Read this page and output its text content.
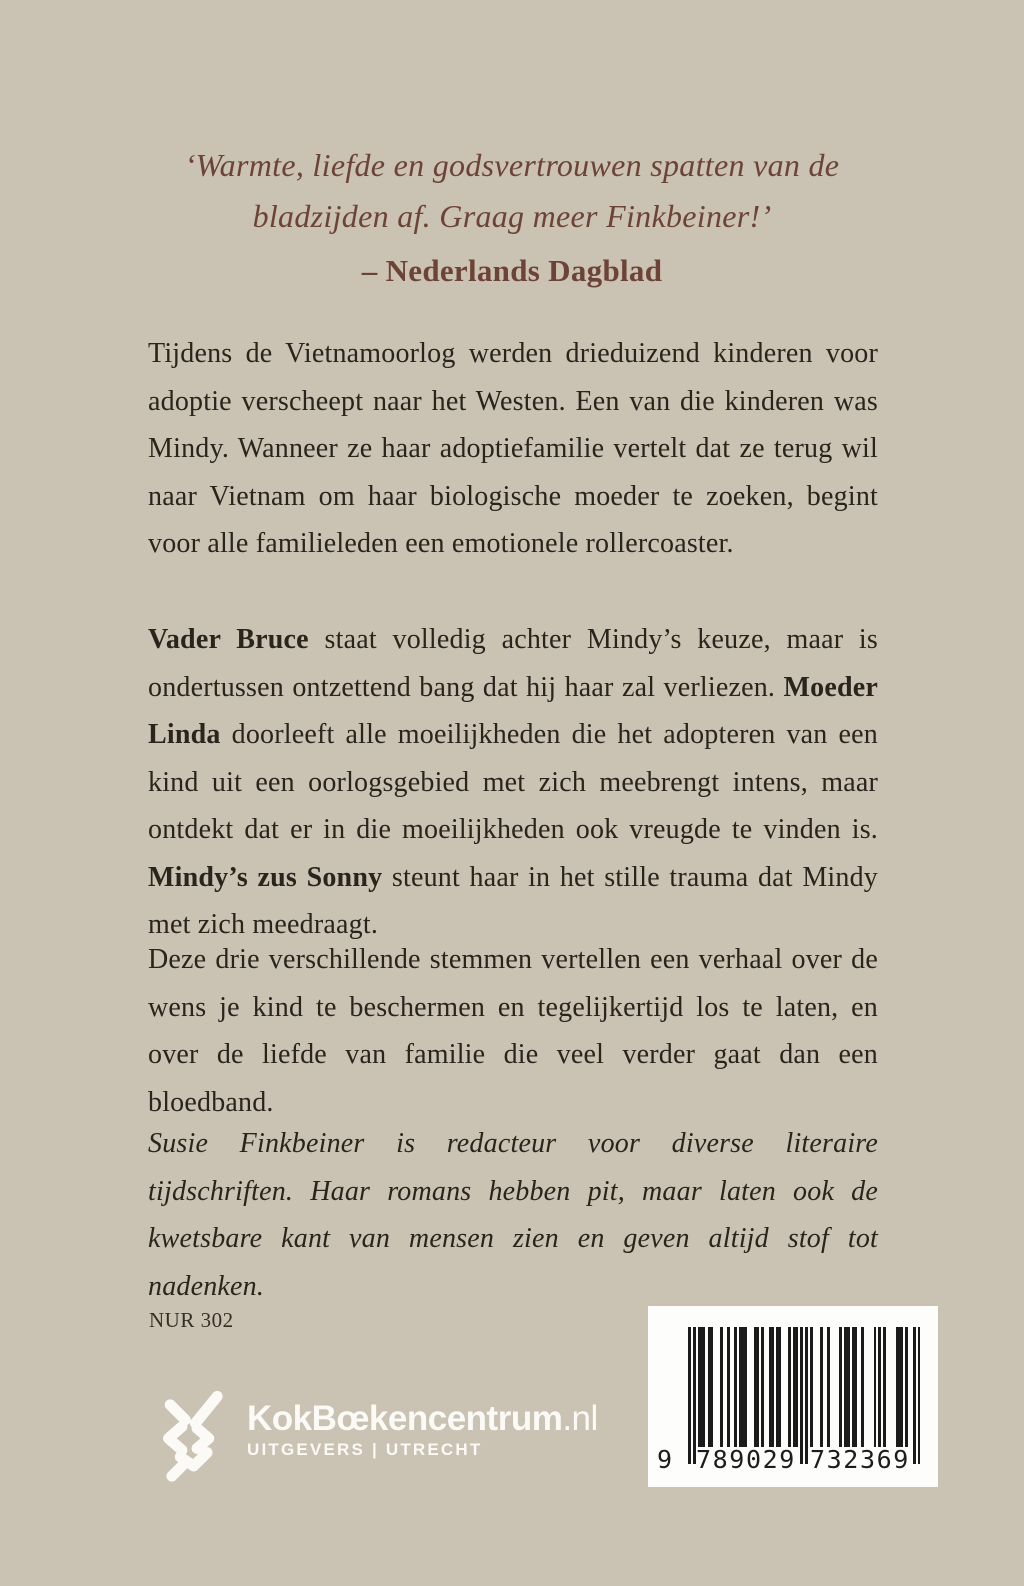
‘Warmte, liefde en godsvertrouwen spatten van de
bladzijden af. Graag meer Finkbeiner!’
– Nederlands Dagblad
Tijdens de Vietnamoorlog werden drieduizend kinderen voor adoptie verscheept naar het Westen. Een van die kinderen was Mindy. Wanneer ze haar adoptiefamilie vertelt dat ze terug wil naar Vietnam om haar biologische moeder te zoeken, begint voor alle familieleden een emotionele rollercoaster.
Vader Bruce staat volledig achter Mindy’s keuze, maar is ondertussen ontzettend bang dat hij haar zal verliezen. Moeder Linda doorleeft alle moeilijkheden die het adopteren van een kind uit een oorlogsgebied met zich meebrengt intens, maar ontdekt dat er in die moeilijkheden ook vreugde te vinden is. Mindy’s zus Sonny steunt haar in het stille trauma dat Mindy met zich meedraagt.
Deze drie verschillende stemmen vertellen een verhaal over de wens je kind te beschermen en tegelijkertijd los te laten, en over de liefde van familie die veel verder gaat dan een bloedband.
Susie Finkbeiner is redacteur voor diverse literaire tijdschriften. Haar romans hebben pit, maar laten ook de kwetsbare kant van mensen zien en geven altijd stof tot nadenken.
NUR 302
KokBœkencentrum.nl
UITGEVERS | UTRECHT	9 789029 732369
